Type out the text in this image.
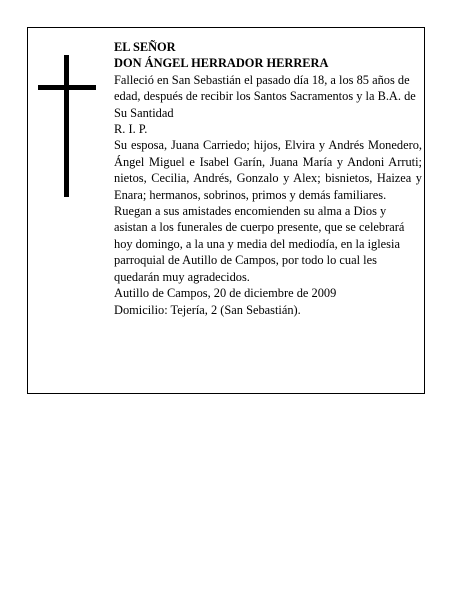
EL SEÑOR

DON ÁNGEL HERRADOR HERRERA

Falleció en San Sebastián el pasado día 18, a los 85 años de edad, después de recibir los Santos Sacramentos y la B.A. de Su Santidad

R. I. P.

Su esposa, Juana Carriedo; hijos, Elvira y Andrés Monedero, Ángel Miguel e Isabel Garín, Juana María y Andoni Arruti; nietos, Cecilia, Andrés, Gonzalo y Alex; bisnietos, Haizea y Enara; hermanos, sobrinos, primos y demás familiares.

Ruegan a sus amistades encomienden su alma a Dios y asistan a los funerales de cuerpo presente, que se celebrará hoy domingo, a la una y media del mediodía, en la iglesia parroquial de Autillo de Campos, por todo lo cual les quedarán muy agradecidos.

Autillo de Campos, 20 de diciembre de 2009

Domicilio: Tejería, 2 (San Sebastián).
